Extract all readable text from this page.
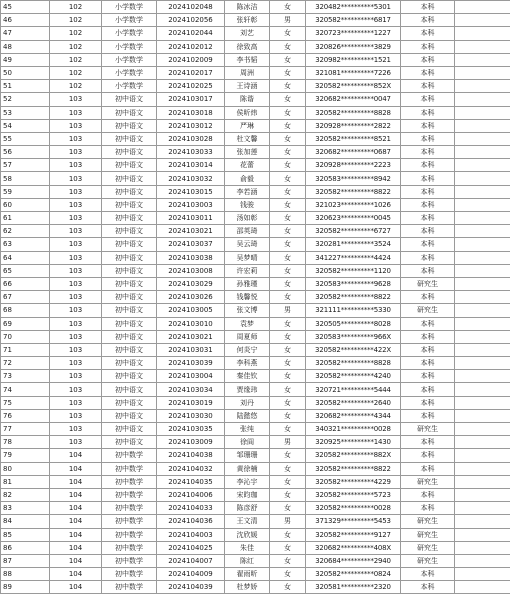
45	102	小学数学	2024102048	陈冰洁	女	320482**********5301	本科	
46	102	小学数学	2024102056	张轩彰	男	320582**********6817	本科	
47	102	小学数学	2024102044	刘艺	女	320723**********1227	本科	
48	102	小学数学	2024102012	徐致高	女	320826**********3829	本科	
49	102	小学数学	2024102009	李书韬	女	320982**********1521	本科	
50	102	小学数学	2024102017	周洲	女	321081**********7226	本科	
51	102	小学数学	2024102025	王诗涵	女	320582**********852X	本科	
52	103	初中语文	2024103017	陈谐	女	320682**********0047	本科	
53	103	初中语文	2024103018	侯昕炜	女	320582**********8828	本科	
54	103	初中语文	2024103012	严琳	女	320928**********2822	本科	
55	103	初中语文	2024103028	杜文馨	女	320582**********8521	本科	
56	103	初中语文	2024103033	张加莲	女	320682**********0687	本科	
57	103	初中语文	2024103014	花蕾	女	320928**********2223	本科	
58	103	初中语文	2024103032	俞毅	女	320583**********8942	本科	
59	103	初中语文	2024103015	李若涵	女	320582**********8822	本科	
60	103	初中语文	2024103003	钱骏	女	321023**********1026	本科	
61	103	初中语文	2024103011	汤如彰	女	320623**********0045	本科	
62	103	初中语文	2024103021	邵英琦	女	320582**********6727	本科	
63	103	初中语文	2024103037	吴云琦	女	320281**********3524	本科	
64	103	初中语文	2024103038	吴梦晴	女	341227**********4424	本科	
65	103	初中语文	2024103008	许宏莉	女	320582**********1120	本科	
66	103	初中语文	2024103029	孙雅瑾	女	320583**********9628	研究生	
67	103	初中语文	2024103026	钱馨悦	女	320582**********8822	本科	
68	103	初中语文	2024103005	张文博	男	321111**********5330	研究生	
69	103	初中语文	2024103010	袁梦	女	320505**********8028	本科	
70	103	初中语文	2024103021	周夏师	女	320583**********966X	本科	
71	103	初中语文	2024103031	何炎宁	女	320582**********422X	本科	
72	103	初中语文	2024103039	李科燕	女	320582**********8828	本科	
73	103	初中语文	2024103004	秦佳钦	女	320582**********4240	本科	
74	103	初中语文	2024103034	贾缘玮	女	320721**********5444	本科	
75	103	初中语文	2024103019	刘丹	女	320582**********2640	本科	
76	103	初中语文	2024103030	陆懿悠	女	320682**********4344	本科	
77	103	初中语文	2024103035	张纯	女	340321**********0028	研究生	
78	103	初中语文	2024103009	徐阎	男	320925**********1430	本科	
79	104	初中数学	2024104038	邹珊珊	女	320582**********882X	本科	
80	104	初中数学	2024104032	黄徐楠	女	320582**********8822	本科	
81	104	初中数学	2024104035	李沁宇	女	320582**********4229	研究生	
82	104	初中数学	2024104006	宋昀珈	女	320582**********5723	本科	
83	104	初中数学	2024104033	陈彦舒	女	320582**********0028	本科	
84	104	初中数学	2024104036	王文清	男	371329**********5453	研究生	
85	104	初中数学	2024104003	沈欣媛	女	320582**********9127	研究生	
86	104	初中数学	2024104025	朱佳	女	320682**********408X	研究生	
87	104	初中数学	2024104007	陈红	女	320684**********2940	研究生	
88	104	初中数学	2024104009	翟雨昕	女	320582**********0824	本科	
89	104	初中数学	2024104039	杜梦娇	女	320581**********2320	本科	
